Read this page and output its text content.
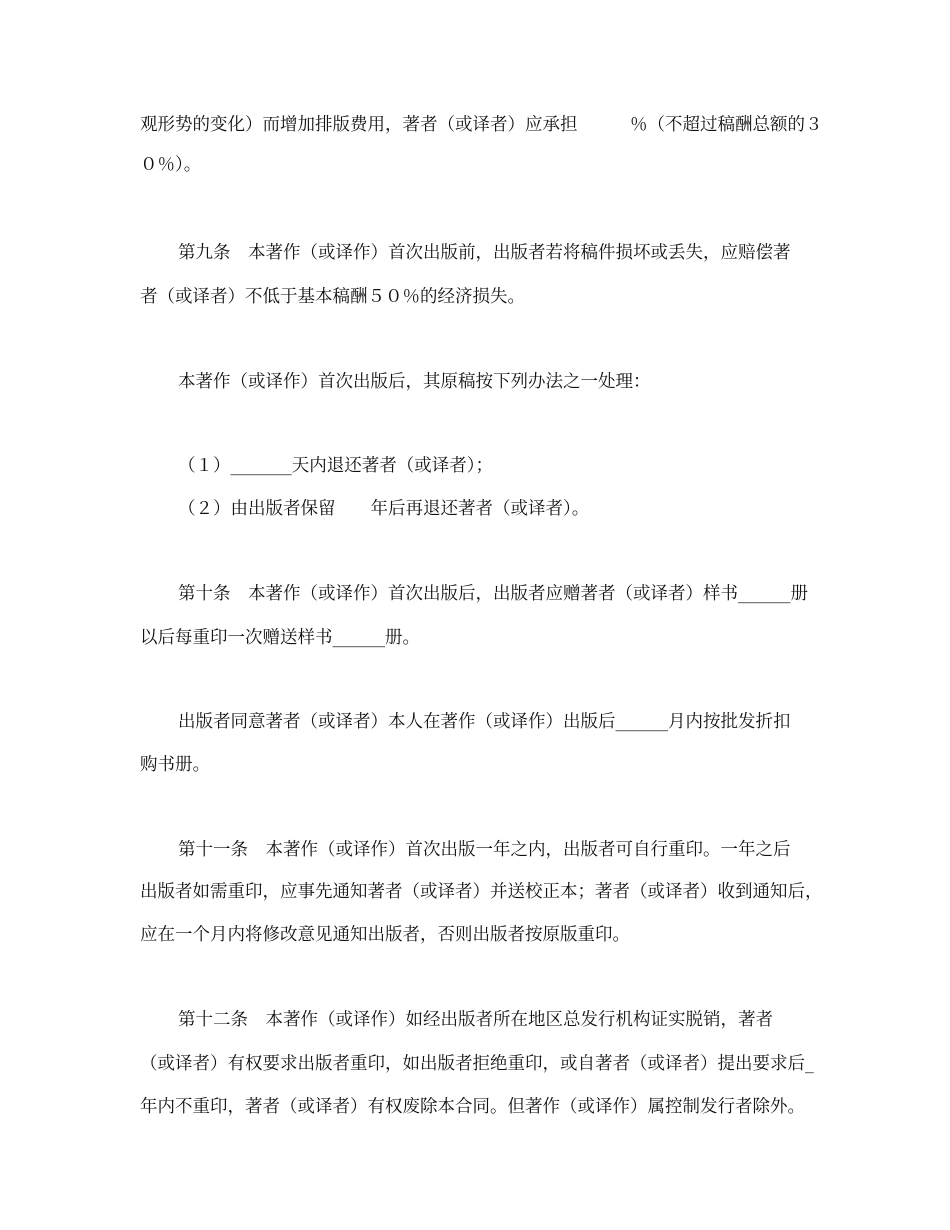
观形势的变化）而增加排版费用，著者（或译者）应承担　　　％（不超过稿酬总额的３
０％）。
第九条　本著作（或译作）首次出版前，出版者若将稿件损坏或丢失，应赔偿著
者（或译者）不低于基本稿酬５０％的经济损失。
本著作（或译作）首次出版后，其原稿按下列办法之一处理：
（１）_______天内退还著者（或译者）；
（２）由出版者保留　　年后再退还著者（或译者）。
第十条　本著作（或译作）首次出版后，出版者应赠著者（或译者）样书______册
以后每重印一次赠送样书______册。
出版者同意著者（或译者）本人在著作（或译作）出版后______月内按批发折扣
购书册。
第十一条　本著作（或译作）首次出版一年之内，出版者可自行重印。一年之后
出版者如需重印，应事先通知著者（或译者）并送校正本；著者（或译者）收到通知后，
应在一个月内将修改意见通知出版者，否则出版者按原版重印。
第十二条　本著作（或译作）如经出版者所在地区总发行机构证实脱销，著者
（或译者）有权要求出版者重印，如出版者拒绝重印，或自著者（或译者）提出要求后_
年内不重印，著者（或译者）有权废除本合同。但著作（或译作）属控制发行者除外。
